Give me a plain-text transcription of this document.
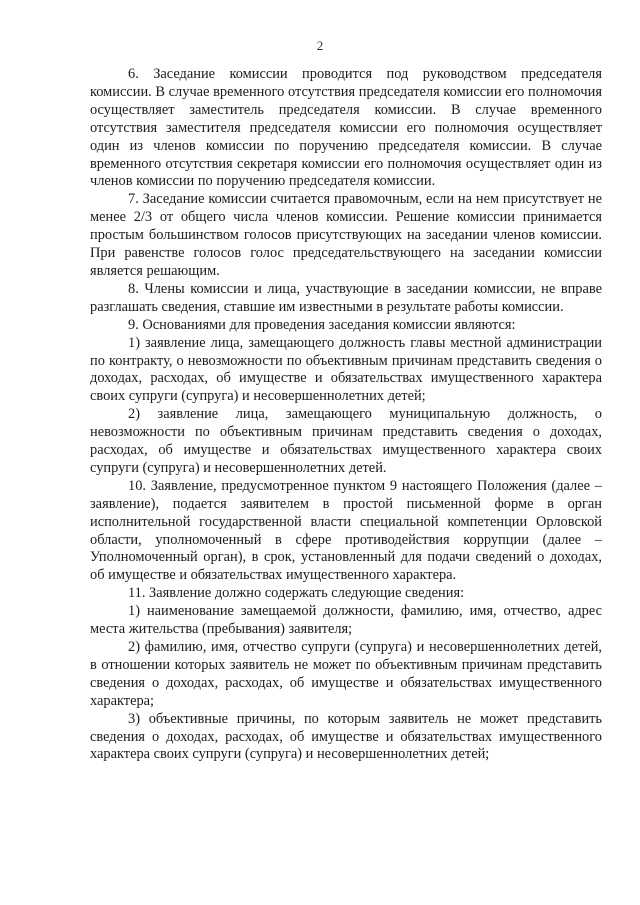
2

6. Заседание комиссии проводится под руководством председателя комиссии. В случае временного отсутствия председателя комиссии его полномочия осуществляет заместитель председателя комиссии. В случае временного отсутствия заместителя председателя комиссии его полномочия осуществляет один из членов комиссии по поручению председателя комиссии. В случае временного отсутствия секретаря комиссии его полномочия осуществляет один из членов комиссии по поручению председателя комиссии.

7. Заседание комиссии считается правомочным, если на нем присутствует не менее 2/3 от общего числа членов комиссии. Решение комиссии принимается простым большинством голосов присутствующих на заседании членов комиссии. При равенстве голосов голос председательствующего на заседании комиссии является решающим.

8. Члены комиссии и лица, участвующие в заседании комиссии, не вправе разглашать сведения, ставшие им известными в результате работы комиссии.

9. Основаниями для проведения заседания комиссии являются:

1) заявление лица, замещающего должность главы местной администрации по контракту, о невозможности по объективным причинам представить сведения о доходах, расходах, об имуществе и обязательствах имущественного характера своих супруги (супруга) и несовершеннолетних детей;

2) заявление лица, замещающего муниципальную должность, о невозможности по объективным причинам представить сведения о доходах, расходах, об имуществе и обязательствах имущественного характера своих супруги (супруга) и несовершеннолетних детей.

10. Заявление, предусмотренное пунктом 9 настоящего Положения (далее – заявление), подается заявителем в простой письменной форме в орган исполнительной государственной власти специальной компетенции Орловской области, уполномоченный в сфере противодействия коррупции (далее – Уполномоченный орган), в срок, установленный для подачи сведений о доходах, об имуществе и обязательствах имущественного характера.

11. Заявление должно содержать следующие сведения:

1) наименование замещаемой должности, фамилию, имя, отчество, адрес места жительства (пребывания) заявителя;

2) фамилию, имя, отчество супруги (супруга) и несовершеннолетних детей, в отношении которых заявитель не может по объективным причинам представить сведения о доходах, расходах, об имуществе и обязательствах имущественного характера;

3) объективные причины, по которым заявитель не может представить сведения о доходах, расходах, об имуществе и обязательствах имущественного характера своих супруги (супруга) и несовершеннолетних детей;
